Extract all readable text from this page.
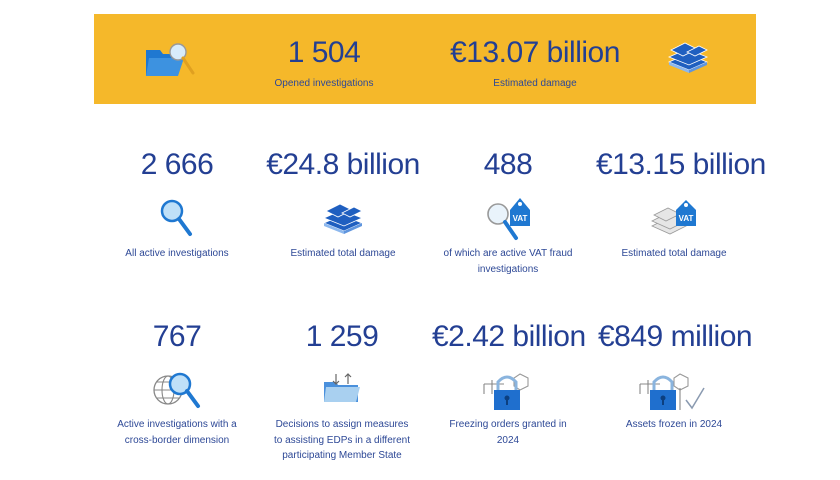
1 504
Opened investigations
€13.07 billion
Estimated damage
2 666
All active investigations
€24.8 billion
Estimated total damage
488
VAT
of which are active VAT fraud investigations
€13.15 billion
VAT
Estimated total damage
767
Active investigations with a cross-border dimension
1 259
Decisions to assign measures to assisting EDPs in a different participating Member State
€2.42 billion
Freezing orders granted in 2024
€849 million
Assets frozen in 2024
